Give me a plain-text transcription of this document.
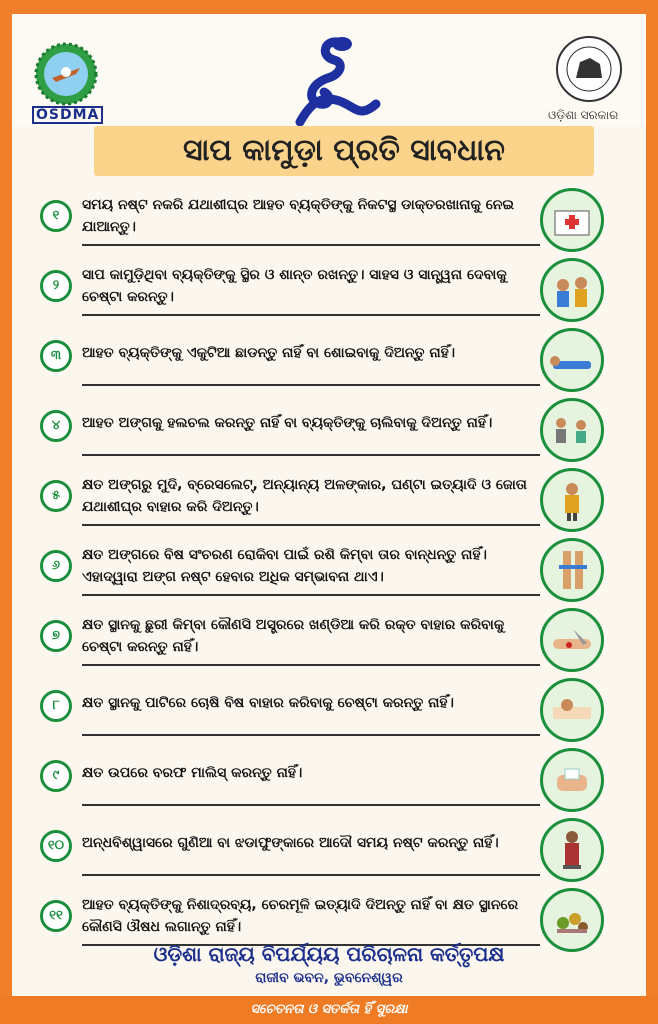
OSDMA	ଓଡ଼ିଶା ସରକାର
ସାପ କାମୁଡ଼ା ପ୍ରତି ସାବଧାନ
୧
ସମୟ ନଷ୍ଟ ନକରି ଯଥାଶୀଘ୍ର ଆହତ ବ୍ୟକ୍ତିଙ୍କୁ ନିକଟସ୍ଥ ଡାକ୍ତରଖାନାକୁ ନେଇ ଯାଆନ୍ତୁ।
୨
ସାପ କାମୁଡ଼ିଥିବା ବ୍ୟକ୍ତିଙ୍କୁ ସ୍ଥିର ଓ ଶାନ୍ତ ରଖନ୍ତୁ। ସାହସ ଓ ସାନ୍ତ୍ୱନା ଦେବାକୁ ଚେଷ୍ଟା କରନ୍ତୁ।
୩	ଆହତ ବ୍ୟକ୍ତିଙ୍କୁ ଏକୁଟିଆ ଛାଡନ୍ତୁ ନାହିଁ ବା ଶୋଇବାକୁ ଦିଅନ୍ତୁ ନାହିଁ।
୪	ଆହତ ଅଙ୍ଗକୁ ହଲଚଲ କରନ୍ତୁ ନାହିଁ ବା ବ୍ୟକ୍ତିଙ୍କୁ ଚାଲିବାକୁ ଦିଅନ୍ତୁ ନାହିଁ।
୫
କ୍ଷତ ଅଙ୍ଗରୁ ମୁଦି, ବ୍ରେସଲେଟ୍, ଅନ୍ୟାନ୍ୟ ଅଳଙ୍କାର, ଘଣ୍ଟା ଇତ୍ୟାଦି ଓ ଜୋତା ଯଥାଶୀଘ୍ର ବାହାର କରି ଦିଅନ୍ତୁ।
୬
କ୍ଷତ ଅଙ୍ଗରେ ବିଷ ସଂଚରଣ ରୋକିବା ପାଇଁ ରଶି କିମ୍ବା ତାର ବାନ୍ଧନ୍ତୁ ନାହିଁ। ଏହାଦ୍ୱାରା ଅଙ୍ଗ ନଷ୍ଟ ହେବାର ଅଧିକ ସମ୍ଭାବନା ଥାଏ।
୭
କ୍ଷତ ସ୍ଥାନକୁ ଛୁରୀ କିମ୍ବା କୌଣସି ଅସ୍ତ୍ରରେ ଖଣ୍ଡିଆ କରି ରକ୍ତ ବାହାର କରିବାକୁ ଚେଷ୍ଟା କରନ୍ତୁ ନାହିଁ।
୮	କ୍ଷତ ସ୍ଥାନକୁ ପାଟିରେ ଚୋଷି ବିଷ ବାହାର କରିବାକୁ ଚେଷ୍ଟା କରନ୍ତୁ ନାହିଁ।
୯	କ୍ଷତ ଉପରେ ବରଫ ମାଲିସ୍ କରନ୍ତୁ ନାହିଁ।
୧୦	ଅନ୍ଧବିଶ୍ୱାସରେ ଗୁଣିଆ ବା ଝଡାଫୁଙ୍କାରେ ଆଦୌ ସମୟ ନଷ୍ଟ କରନ୍ତୁ ନାହିଁ।
୧୧
ଆହତ ବ୍ୟକ୍ତିଙ୍କୁ ନିଶାଦ୍ରବ୍ୟ, ଚେରମୂଳି ଇତ୍ୟାଦି ଦିଅନ୍ତୁ ନାହିଁ ବା କ୍ଷତ ସ୍ଥାନରେ କୌଣସି ଔଷଧ ଲଗାନ୍ତୁ ନାହିଁ।
ଓଡ଼ିଶା ରାଜ୍ୟ ବିପର୍ଯ୍ୟୟ ପରିଚାଳନା କର୍ତ୍ତୃପକ୍ଷ
ରାଜୀବ ଭବନ, ଭୁବନେଶ୍ୱର
ସଚେତନତା ଓ ସତର୍କତା ହିଁ ସୁରକ୍ଷା
